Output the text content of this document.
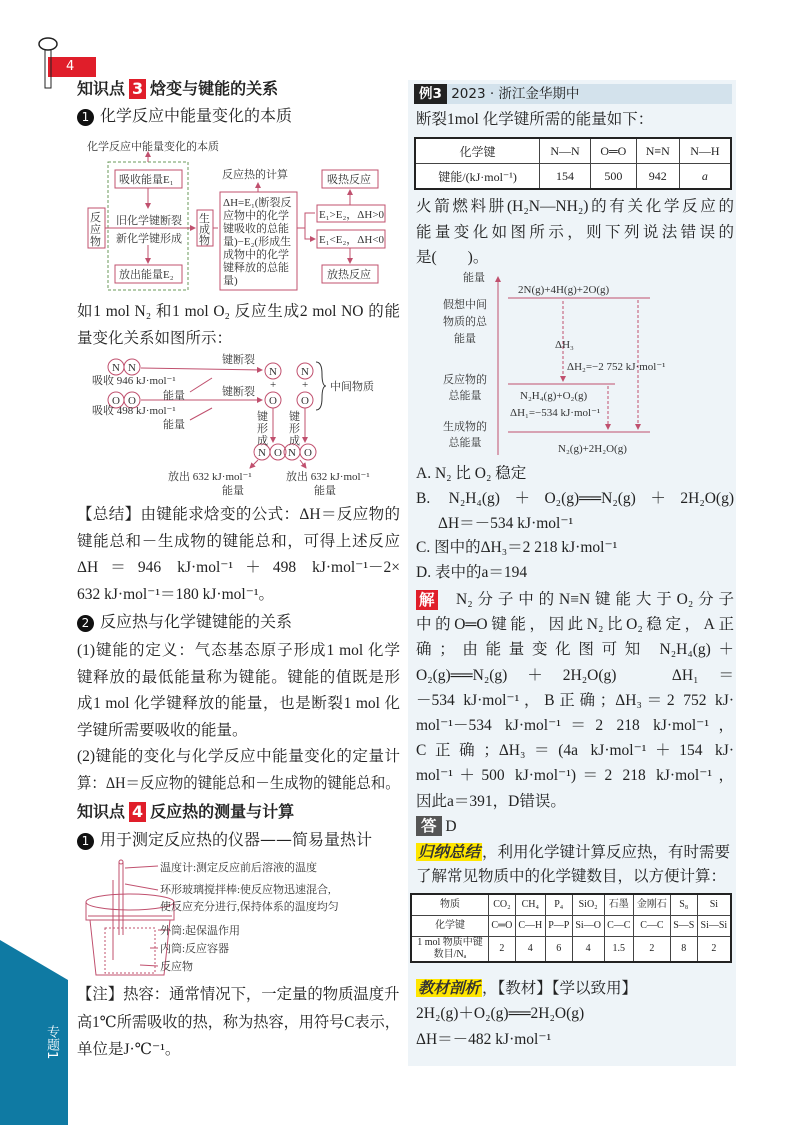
专题1
4
知识点 3 焓变与键能的关系
1 化学反应中能量变化的本质
如1 mol N₂ 和1 mol O₂ 反应生成2 mol NO 的能
量变化关系如图所示：
【总结】由键能求焓变的公式：ΔH＝反应物的
键能总和－生成物的键能总和，可得上述反应
ΔH＝946 kJ·mol⁻¹＋498 kJ·mol⁻¹－2×
632 kJ·mol⁻¹＝180 kJ·mol⁻¹。
2 反应热与化学键键能的关系
(1)键能的定义：气态基态原子形成1 mol 化学
键释放的最低能量称为键能。键能的值既是形
成1 mol 化学键释放的能量，也是断裂1 mol 化
学键所需要吸收的能量。
(2)键能的变化与化学反应中能量变化的定量计
算：ΔH＝反应物的键能总和－生成物的键能总和。
知识点 4 反应热的测量与计算
1 用于测定反应热的仪器——简易量热计
【注】热容：通常情况下，一定量的物质温度升
高1℃所需吸收的热，称为热容，用符号C表示，
单位是J·℃⁻¹。
例3 2023 · 浙江金华期中
断裂1mol 化学键所需的能量如下：
化学键	N—N	O═O	N≡N	N—H
键能/(kJ·mol⁻¹)	154	500	942	a
火箭燃料肼(H₂N—NH₂)的有关化学反应的
能量变化如图所示，则下列说法错误的
是(　　)。
A. N₂ 比 O₂ 稳定
B. N₂H₄(g)＋O₂(g)══N₂(g)＋2H₂O(g)
ΔH＝－534 kJ·mol⁻¹
C. 图中的ΔH₃＝2 218 kJ·mol⁻¹
D. 表中的a＝194
解	N₂分子中的N≡N键能大于O₂分子
中的O═O键能，因此N₂比O₂稳定，A正
确；由能量变化图可知 N₂H₄(g)＋
O₂(g)══N₂(g)＋2H₂O(g)　ΔH₁＝
－534 kJ·mol⁻¹，B正确；ΔH₃＝2 752 kJ·
mol⁻¹－534 kJ·mol⁻¹＝2 218 kJ·mol⁻¹，
C正确；ΔH₃＝(4a kJ·mol⁻¹＋154 kJ·
mol⁻¹＋500 kJ·mol⁻¹)＝2 218 kJ·mol⁻¹，
因此a＝391，D错误。
答 D
归纳总结 ，利用化学键计算反应热，有时需要
了解常见物质中的化学键数目，以方便计算：
物质	CO₂	CH₄	P₄	SiO₂	石墨	金刚石	S₈	Si
化学键	C═O	C—H	P—P	Si—O	C—C	C—C	S—S	Si—Si
1 mol 物质中键数目/Nₐ	2	4	6	4	1.5	2	8	2
教材剖析 ，【教材】【学以致用】
2H₂(g)＋O₂(g)══2H₂O(g)
ΔH＝－482 kJ·mol⁻¹
化学反应中能量变化的本质
吸收能量E₁
旧化学键断裂
新化学键形成
放出能量E₂
反
应
物
生
成
物
反应热的计算
ΔH=E₁(断裂反
应物中的化学
键吸收的总能
量)−E₂(形成生
成物中的化学
键释放的总能
量)
吸热反应
E₁>E₂，ΔH>0
E₁<E₂，ΔH<0
放热反应
N N
O O
N
+
O
N
+
O
N O N O
吸收 946 kJ·mol⁻¹
能量
吸收 498 kJ·mol⁻¹
能量
键断裂
键断裂	中间物质
键
形
成
键
形
成
放出 632 kJ·mol⁻¹
能量
放出 632 kJ·mol⁻¹
能量
温度计:测定反应前后溶液的温度
环形玻璃搅拌棒:使反应物迅速混合,
使反应充分进行,保持体系的温度均匀
外筒:起保温作用
内筒:反应容器
反应物
能量
2N(g)+4H(g)+2O(g)
假想中间
物质的总
能量
反应物的
总能量
生成物的
总能量
ΔH₃
ΔH₂=−2 752 kJ·mol⁻¹
N₂H₄(g)+O₂(g)
ΔH₁=−534 kJ·mol⁻¹
N₂(g)+2H₂O(g)
